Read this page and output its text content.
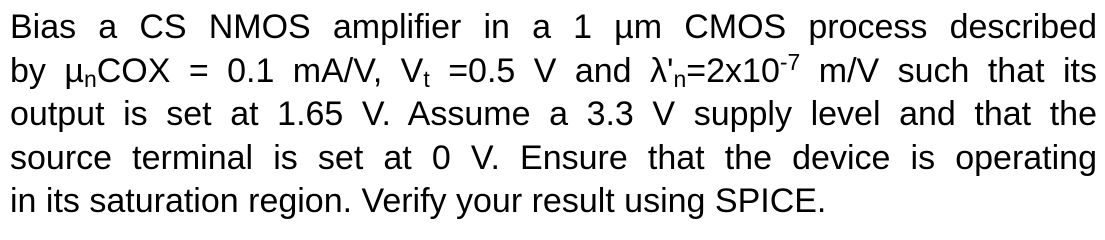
Bias a CS NMOS amplifier in a 1 µm CMOS process described
by µ$_n$COX = 0.1 mA/V, $V_t =0.5$ V and $\lambda'_n=2x10^{-7}$ m/V such that its
output is set at 1.65 V. Assume a 3.3 V supply level and that the
source terminal is set at 0 V. Ensure that the device is operating
in its saturation region. Verify your result using SPICE.
